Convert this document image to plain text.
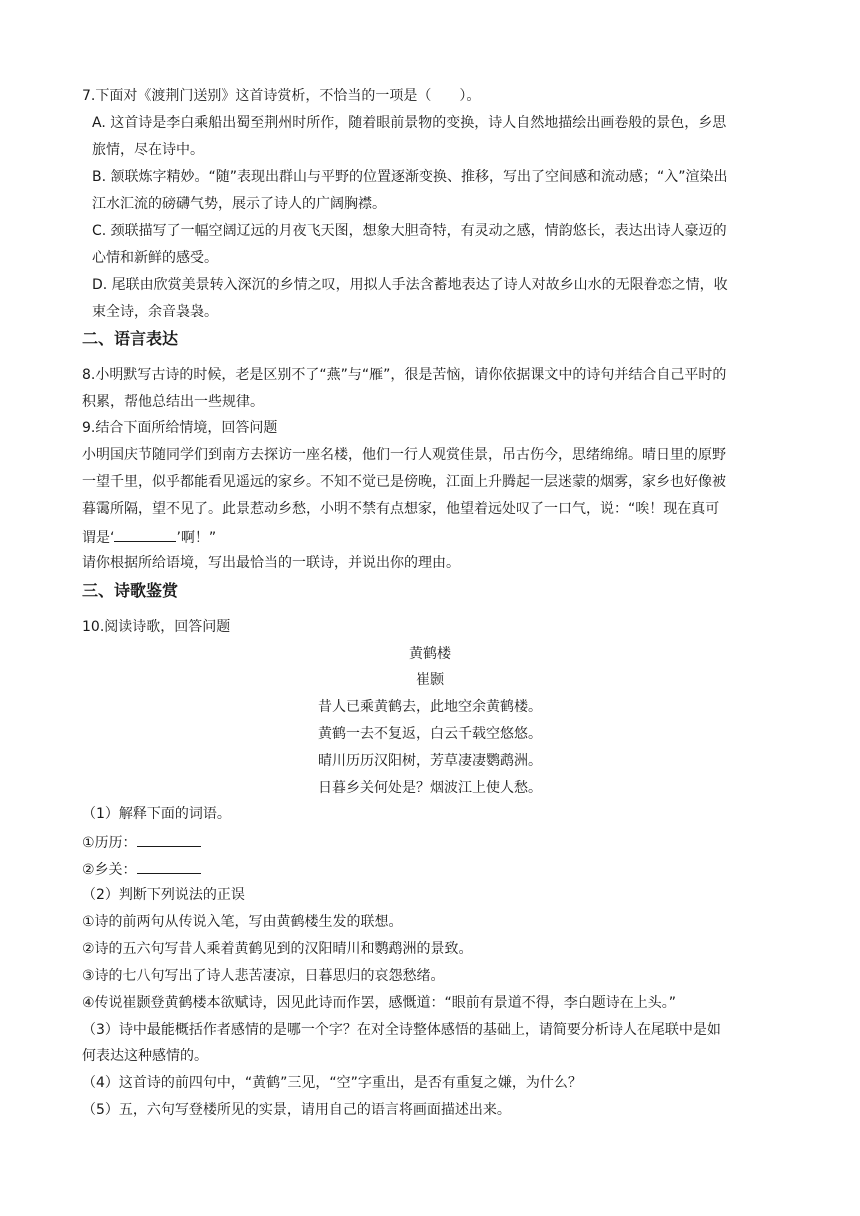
7.下面对《渡荆门送别》这首诗赏析，不恰当的一项是（　　）。
A. 这首诗是李白乘船出蜀至荆州时所作，随着眼前景物的变换，诗人自然地描绘出画卷般的景色，乡思
旅情，尽在诗中。
B. 颔联炼字精妙。“随”表现出群山与平野的位置逐渐变换、推移，写出了空间感和流动感；“入”渲染出
江水汇流的磅礴气势，展示了诗人的广阔胸襟。
C. 颈联描写了一幅空阔辽远的月夜飞天图，想象大胆奇特，有灵动之感，情韵悠长，表达出诗人豪迈的
心情和新鲜的感受。
D. 尾联由欣赏美景转入深沉的乡情之叹，用拟人手法含蓄地表达了诗人对故乡山水的无限眷恋之情，收
束全诗，余音袅袅。
二、语言表达
8.小明默写古诗的时候，老是区别不了“燕”与“雁”，很是苦恼，请你依据课文中的诗句并结合自己平时的
积累，帮他总结出一些规律。
9.结合下面所给情境，回答问题
小明国庆节随同学们到南方去探访一座名楼，他们一行人观赏佳景，吊古伤今，思绪绵绵。晴日里的原野
一望千里，似乎都能看见遥远的家乡。不知不觉已是傍晚，江面上升腾起一层迷蒙的烟雾，家乡也好像被
暮霭所隔，望不见了。此景惹动乡愁，小明不禁有点想家，他望着远处叹了一口气，说：“唉！现在真可
谓是‘	’啊！”
请你根据所给语境，写出最恰当的一联诗，并说出你的理由。
三、诗歌鉴赏
10.阅读诗歌，回答问题
黄鹤楼
崔颢
昔人已乘黄鹤去，此地空余黄鹤楼。
黄鹤一去不复返，白云千载空悠悠。
晴川历历汉阳树，芳草凄凄鹦鹉洲。
日暮乡关何处是？烟波江上使人愁。
（1）解释下面的词语。
①历历：
②乡关：
（2）判断下列说法的正误
①诗的前两句从传说入笔，写由黄鹤楼生发的联想。
②诗的五六句写昔人乘着黄鹤见到的汉阳晴川和鹦鹉洲的景致。
③诗的七八句写出了诗人悲苦凄凉，日暮思归的哀怨愁绪。
④传说崔颢登黄鹤楼本欲赋诗，因见此诗而作罢，感慨道：“眼前有景道不得，李白题诗在上头。”
（3）诗中最能概括作者感情的是哪一个字？在对全诗整体感悟的基础上，请简要分析诗人在尾联中是如
何表达这种感情的。
（4）这首诗的前四句中，“黄鹤”三见，“空”字重出，是否有重复之嫌，为什么？
（5）五，六句写登楼所见的实景，请用自己的语言将画面描述出来。
